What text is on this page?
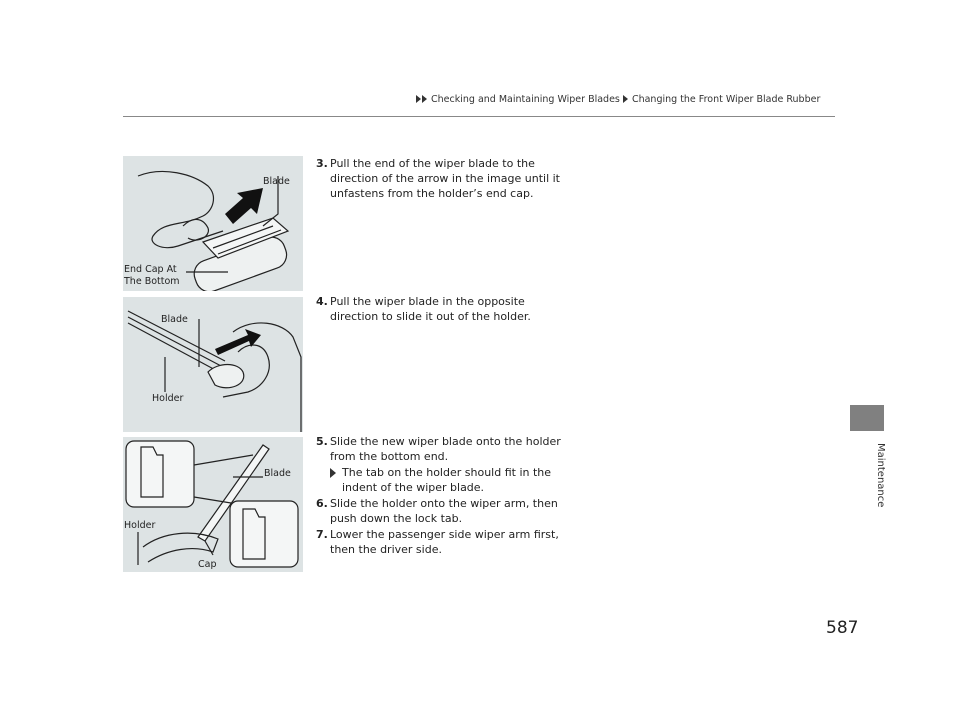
Checking and Maintaining Wiper Blades Changing the Front Wiper Blade Rubber
Maintenance
Blade
End Cap At
The Bottom
Blade
Holder
Blade
Holder
Cap
3. Pull the end of the wiper blade to the direction of the arrow in the image until it unfastens from the holder’s end cap.
4. Pull the wiper blade in the opposite direction to slide it out of the holder.
5. Slide the new wiper blade onto the holder from the bottom end.
The tab on the holder should fit in the indent of the wiper blade.
6. Slide the holder onto the wiper arm, then push down the lock tab.
7. Lower the passenger side wiper arm first, then the driver side.
587
